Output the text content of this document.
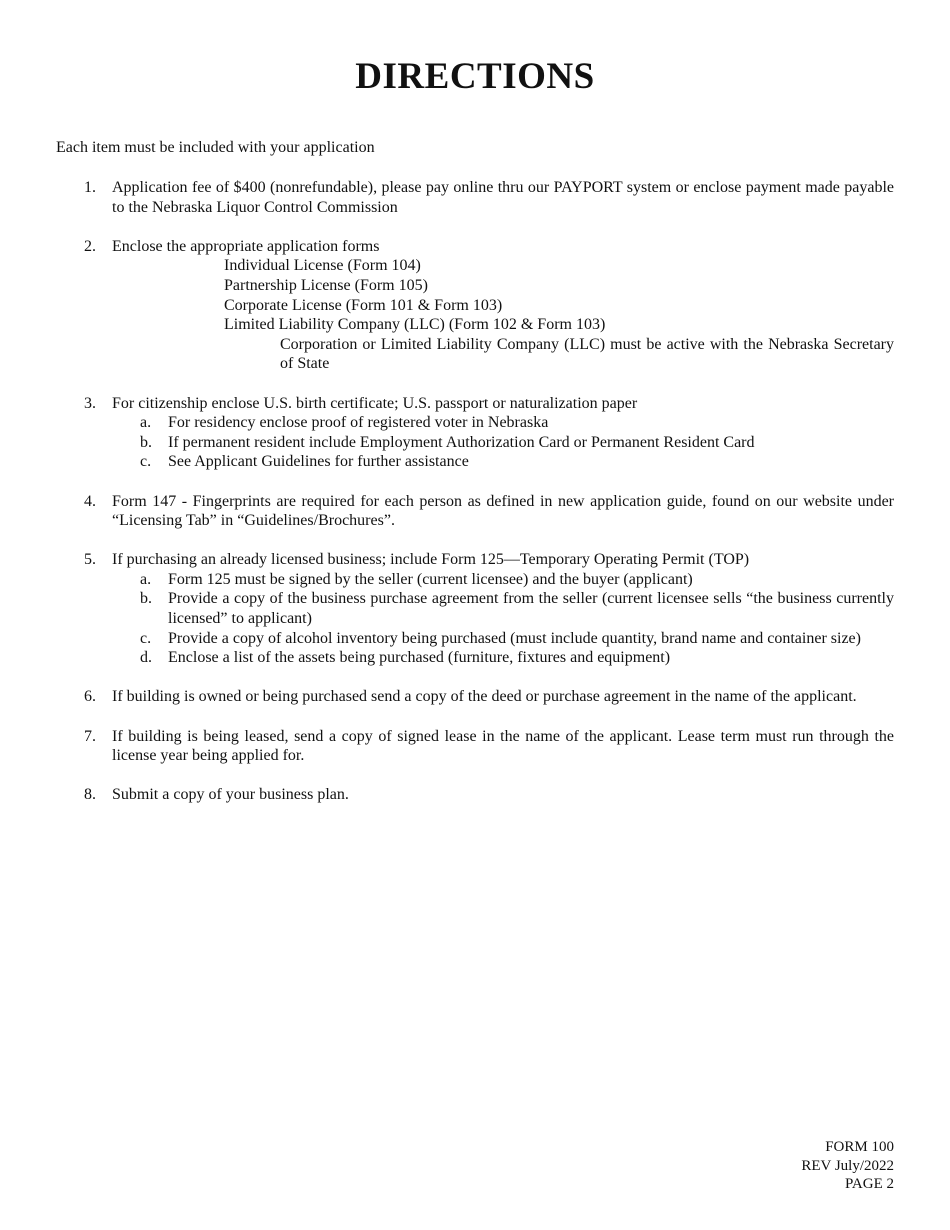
DIRECTIONS
Each item must be included with your application
1. Application fee of $400 (nonrefundable), please pay online thru our PAYPORT system or enclose payment made payable to the Nebraska Liquor Control Commission
2. Enclose the appropriate application forms
Individual License (Form 104)
Partnership License (Form 105)
Corporate License (Form 101 & Form 103)
Limited Liability Company (LLC) (Form 102 & Form 103)
Corporation or Limited Liability Company (LLC) must be active with the Nebraska Secretary of State
3. For citizenship enclose U.S. birth certificate; U.S. passport or naturalization paper
a. For residency enclose proof of registered voter in Nebraska
b. If permanent resident include Employment Authorization Card or Permanent Resident Card
c. See Applicant Guidelines for further assistance
4. Form 147 - Fingerprints are required for each person as defined in new application guide, found on our website under “Licensing Tab” in “Guidelines/Brochures”.
5. If purchasing an already licensed business; include Form 125—Temporary Operating Permit (TOP)
a. Form 125 must be signed by the seller (current licensee) and the buyer (applicant)
b. Provide a copy of the business purchase agreement from the seller (current licensee sells “the business currently licensed” to applicant)
c. Provide a copy of alcohol inventory being purchased (must include quantity, brand name and container size)
d. Enclose a list of the assets being purchased (furniture, fixtures and equipment)
6. If building is owned or being purchased send a copy of the deed or purchase agreement in the name of the applicant.
7. If building is being leased, send a copy of signed lease in the name of the applicant. Lease term must run through the license year being applied for.
8. Submit a copy of your business plan.
FORM 100
REV July/2022
PAGE 2
